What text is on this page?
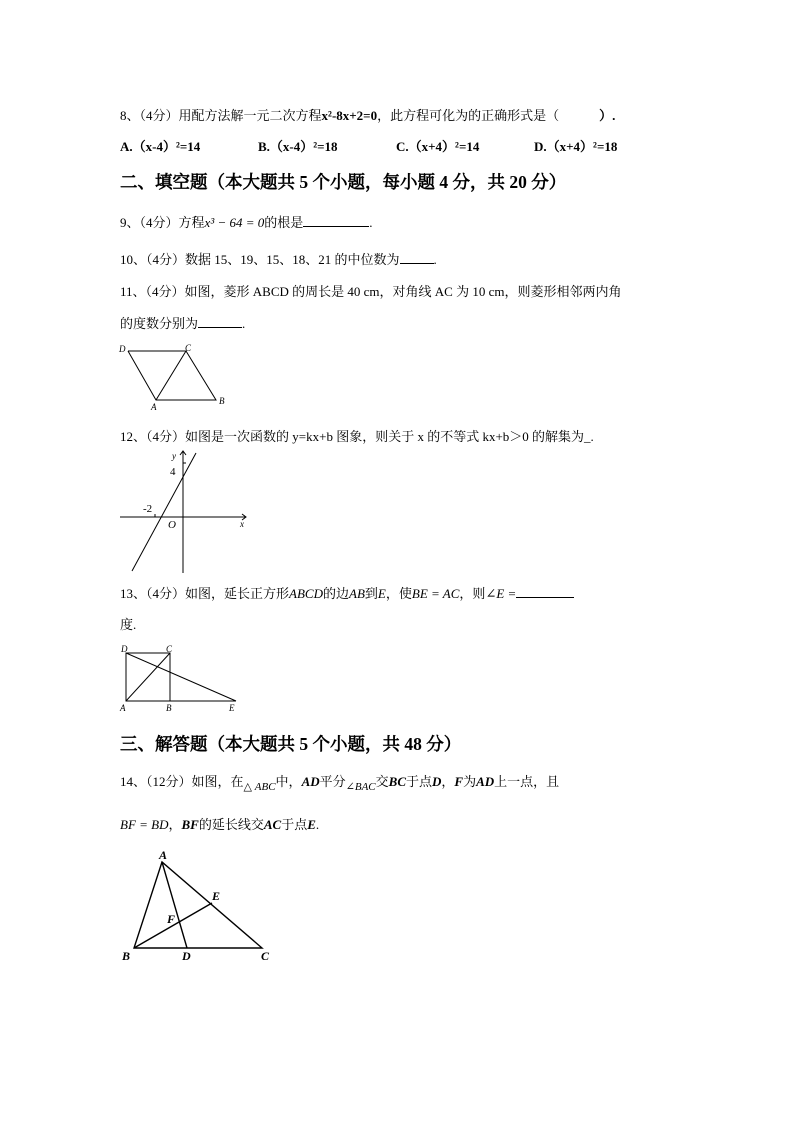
8、（4分）用配方法解一元二次方程x²-8x+2=0，此方程可化为的正确形式是（	）.
A.（x-4）²=14	B.（x-4）²=18	C.（x+4）²=14	D.（x+4）²=18
二、填空题（本大题共 5 个小题，每小题 4 分，共 20 分）
9、（4分）方程x³ − 64 = 0的根是	.
10、（4分）数据 15、19、15、18、21 的中位数为	.
11、（4分）如图，菱形 ABCD 的周长是 40 cm，对角线 AC 为 10 cm，则菱形相邻两内角
的度数分别为	.
D	C
A
B
12、（4分）如图是一次函数的 y=kx+b 图象，则关于 x 的不等式 kx+b＞0 的解集为_.
y
4
-2
O	x
13、（4分）如图，延长正方形ABCD的边AB到E，使BE = AC，则∠E =
度.
D	C
A	B	E
三、解答题（本大题共 5 个小题，共 48 分）
14、（12分）如图，在$_{\triangle ABC}$中，AD平分$_{\angle BAC}$交BC于点D，F为AD上一点，且
BF = BD，BF的延长线交AC于点E.
A
E
F
B	D	C
